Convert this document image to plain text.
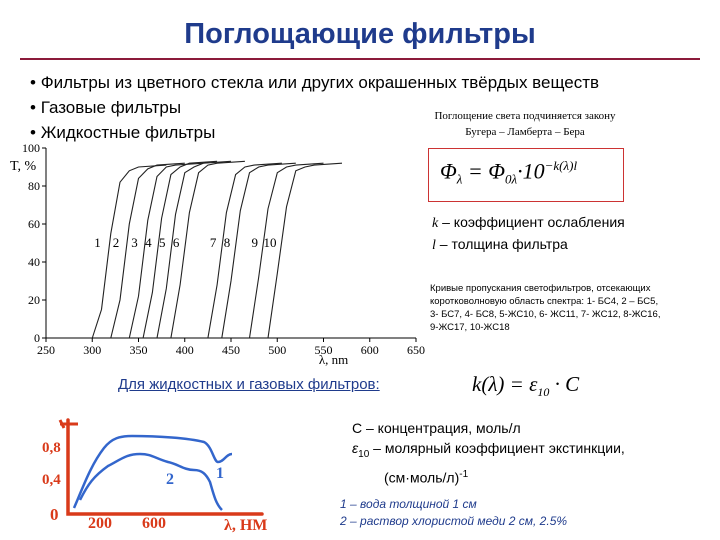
Поглощающие фильтры
• Фильтры из цветного стекла или других окрашенных твёрдых веществ
• Газовые фильтры
• Жидкостные фильтры
Поглощение света подчиняется закону
Бугера – Ламберта – Бера
$\Phi_\lambda = \Phi_{0\lambda}\cdot 10^{-k(\lambda)l}$
k – коэффициент ослабления
l – толщина фильтра
Кривые пропускания светофильтров, отсекающих коротковолновую область спектра: 1- БС4, 2 – БС5, 3- БС7, 4- БС8, 5-ЖС10, 6- ЖС11, 7- ЖС12, 8-ЖС16, 9-ЖС17, 10-ЖС18
250 300 350 400 450 500 550 600 650
0
20
40
60
80
100
T, %
λ, nm
1 2 3 4 5 6 7 8 9 10
Для жидкостных и газовых фильтров:	$k(\lambda) = \varepsilon_{10} \cdot C$
C – концентрация, моль/л
$\varepsilon_{10}$ – молярный коэффициент экстинкции,
(см·моль/л)$^{-1}$
1 – вода толщиной 1 см
2 – раствор хлористой меди 2 см, 2.5%
0,8
0,4
0 200 600	λ, НМ
1
2
